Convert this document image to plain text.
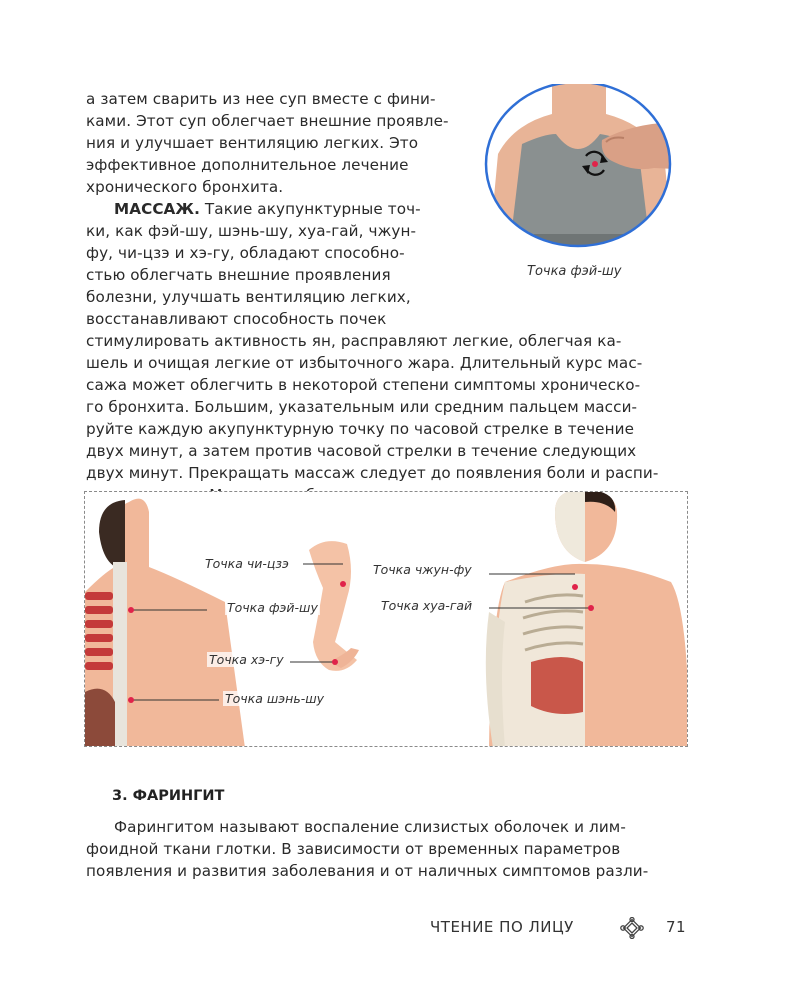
а затем сварить из нее суп вместе с фини-
ками. Этот суп облегчает внешние проявле-
ния и улучшает вентиляцию легких. Это
эффективное дополнительное лечение
хронического бронхита.

МАССАЖ. Такие акупунктурные точ-
ки, как фэй-шу, шэнь-шу, хуа-гай, чжун-
фу, чи-цзэ и хэ-гу, обладают способно-
стью облегчать внешние проявления
болезни, улучшать вентиляцию легких,
восстанавливают способность почек

стимулировать активность ян, расправляют легкие, облегчая ка-
шель и очищая легкие от избыточного жара. Длительный курс мас-
сажа может облегчить в некоторой степени симптомы хроническо-
го бронхита. Большим, указательным или средним пальцем масси-
руйте каждую акупунктурную точку по часовой стрелке в течение
двух минут, а затем против часовой стрелки в течение следующих
двух минут. Прекращать массаж следует до появления боли и распи-

Точка фэй-шу
Точка чи-цзэ
Точка фэй-шу
Точка хэ-гу
Точка шэнь-шу
Точка чжун-фу
Точка хуа-гай
3. ФАРИНГИТ

Фарингитом называют воспаление слизистых оболочек и лим-
фоидной ткани глотки. В зависимости от временных параметров
появления и развития заболевания и от наличных симптомов разли-

ЧТЕНИЕ ПО ЛИЦУ	71
